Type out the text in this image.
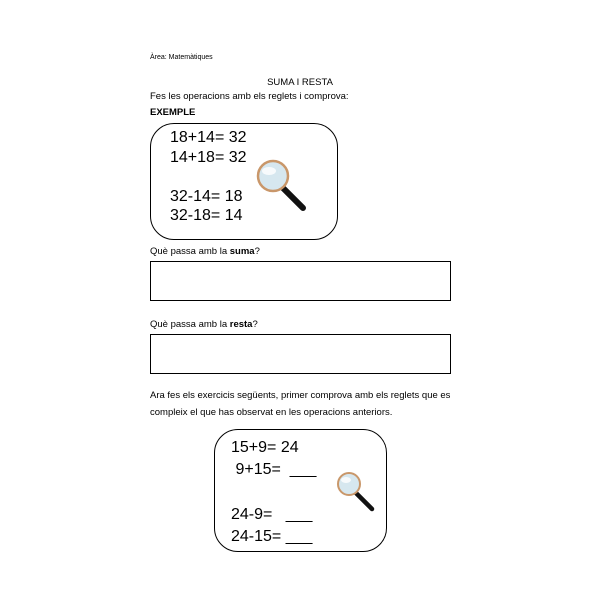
Àrea: Matemàtiques
SUMA I RESTA
Fes les operacions amb els reglets i comprova:
EXEMPLE
18+14= 32
14+18= 32
32-14= 18
32-18= 14
Què passa amb la suma?
Què passa amb la resta?
Ara fes els exercicis següents, primer comprova amb els reglets que es
compleix el que has observat en les operacions anteriors.
15+9= 24
9+15=  ___
24-9=   ___
24-15= ___
